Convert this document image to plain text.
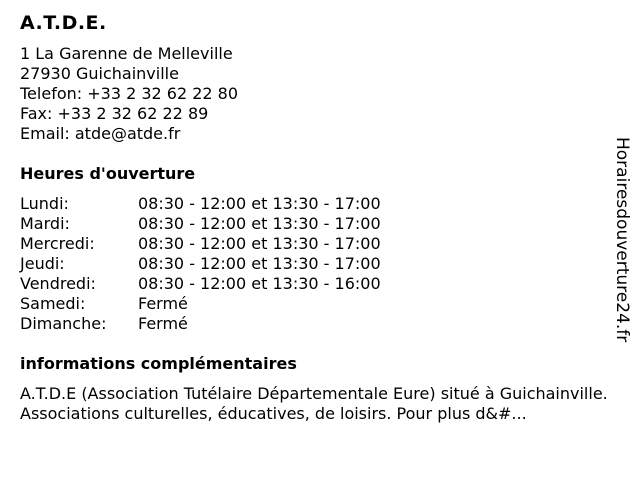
A.T.D.E.
1 La Garenne de Melleville
27930 Guichainville
Telefon: +33 2 32 62 22 80
Fax: +33 2 32 62 22 89
Email: atde@atde.fr
Heures d'ouverture
Lundi:	08:30 - 12:00 et 13:30 - 17:00
Mardi:	08:30 - 12:00 et 13:30 - 17:00
Mercredi:	08:30 - 12:00 et 13:30 - 17:00
Jeudi:	08:30 - 12:00 et 13:30 - 17:00
Vendredi:	08:30 - 12:00 et 13:30 - 16:00
Samedi:	Fermé
Dimanche:	Fermé
informations complémentaires
A.T.D.E (Association Tutélaire Départementale Eure) situé à Guichainville. Associations culturelles, éducatives, de loisirs. Pour plus d&#...
Horairesdouverture24.fr
